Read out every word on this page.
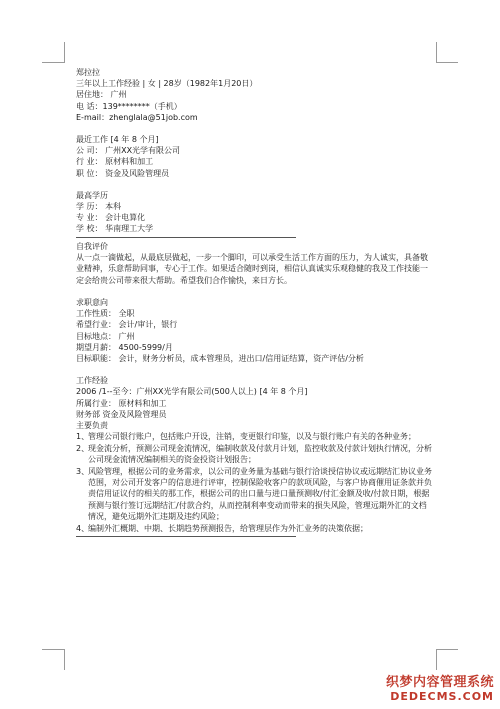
郑拉拉
三年以上工作经验 | 女 | 28岁（1982年1月20日）
居住地： 广州
电 话：139********（手机）
E-mail：zhenglala@51job.com
最近工作 [4 年 8 个月]
公 司： 广州XX光学有限公司
行 业： 原材料和加工
职 位： 资金及风险管理员
最高学历
学 历： 本科
专 业： 会计电算化
学 校： 华南理工大学
自我评价
从一点一滴做起，从最底层做起，一步一个脚印，可以承受生活工作方面的压力，为人诚实，具备敬业精神，乐意帮助同事，专心于工作。如果适合随时到岗，相信认真诚实乐观稳健的我及工作技能一定会给贵公司带来很大帮助。希望我们合作愉快，来日方长。
求职意向
工作性质： 全职
希望行业： 会计/审计，银行
目标地点： 广州
期望月薪： 4500-5999/月
目标职能： 会计，财务分析员，成本管理员，进出口/信用证结算，资产评估/分析
工作经验
2006 /1--至今：广州XX光学有限公司(500人以上) [4 年 8 个月]
所属行业： 原材料和加工
财务部 资金及风险管理员
主要负责
1、
管理公司银行账户，包括账户开设，注销，变更银行印鉴，以及与银行账户有关的各种业务；
2、
现金流分析，预测公司现金流情况，编制收款及付款月计划，监控收款及付款计划执行情况，分析公司现金流情况编制相关的资金投资计划报告；
3、
风险管理，根据公司的业务需求，以公司的业务量为基础与银行洽谈授信协议或远期结汇协议业务范围，对公司开发客户的信息进行评审，控制保险收客户的款项风险，与客户协商催用证条款并负责信用证议付的相关的那工作，根据公司的出口量与进口量预测收/付汇金额及收/付款日期，根据预测与银行签订远期结汇/付款合约，从而控制利率变动而带来的损失风险，管理远期外汇的文档情况，避免远期外汇违期及违约风险；
4、
编制外汇概期、中期、长期趋势预测报告，给管理层作为外汇业务的决策依据；
织梦内容管理系统
DEDECMS.COM
